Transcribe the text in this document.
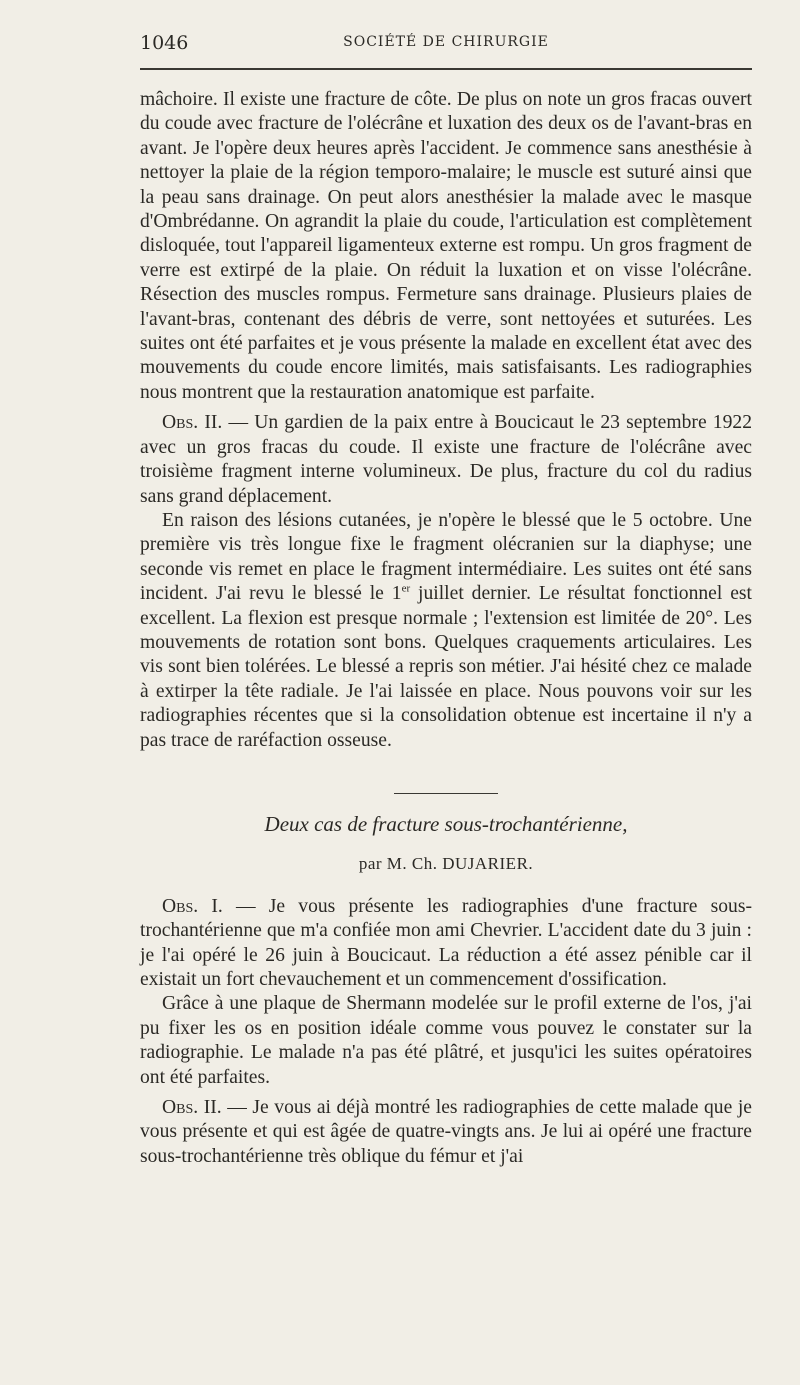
1046	SOCIÉTÉ DE CHIRURGIE

mâchoire. Il existe une fracture de côte. De plus on note un gros fracas ouvert du coude avec fracture de l'olécrâne et luxation des deux os de l'avant-bras en avant. Je l'opère deux heures après l'accident. Je commence sans anesthésie à nettoyer la plaie de la région temporo-malaire; le muscle est suturé ainsi que la peau sans drainage. On peut alors anesthésier la malade avec le masque d'Ombrédanne. On agrandit la plaie du coude, l'articulation est complètement disloquée, tout l'appareil ligamenteux externe est rompu. Un gros fragment de verre est extirpé de la plaie. On réduit la luxation et on visse l'olécrâne. Résection des muscles rompus. Fermeture sans drainage. Plusieurs plaies de l'avant-bras, contenant des débris de verre, sont nettoyées et suturées. Les suites ont été parfaites et je vous présente la malade en excellent état avec des mouvements du coude encore limités, mais satisfaisants. Les radiographies nous montrent que la restauration anatomique est parfaite.

Obs. II. — Un gardien de la paix entre à Boucicaut le 23 septembre 1922 avec un gros fracas du coude. Il existe une fracture de l'olécrâne avec troisième fragment interne volumineux. De plus, fracture du col du radius sans grand déplacement.

En raison des lésions cutanées, je n'opère le blessé que le 5 octobre. Une première vis très longue fixe le fragment olécranien sur la diaphyse; une seconde vis remet en place le fragment intermédiaire. Les suites ont été sans incident. J'ai revu le blessé le 1er juillet dernier. Le résultat fonctionnel est excellent. La flexion est presque normale ; l'extension est limitée de 20°. Les mouvements de rotation sont bons. Quelques craquements articulaires. Les vis sont bien tolérées. Le blessé a repris son métier. J'ai hésité chez ce malade à extirper la tête radiale. Je l'ai laissée en place. Nous pouvons voir sur les radiographies récentes que si la consolidation obtenue est incertaine il n'y a pas trace de raréfaction osseuse.

Deux cas de fracture sous-trochantérienne,

par M. Ch. DUJARIER.

Obs. I. — Je vous présente les radiographies d'une fracture sous-trochantérienne que m'a confiée mon ami Chevrier. L'accident date du 3 juin : je l'ai opéré le 26 juin à Boucicaut. La réduction a été assez pénible car il existait un fort chevauchement et un commencement d'ossification.

Grâce à une plaque de Shermann modelée sur le profil externe de l'os, j'ai pu fixer les os en position idéale comme vous pouvez le constater sur la radiographie. Le malade n'a pas été plâtré, et jusqu'ici les suites opératoires ont été parfaites.

Obs. II. — Je vous ai déjà montré les radiographies de cette malade que je vous présente et qui est âgée de quatre-vingts ans. Je lui ai opéré une fracture sous-trochantérienne très oblique du fémur et j'ai
